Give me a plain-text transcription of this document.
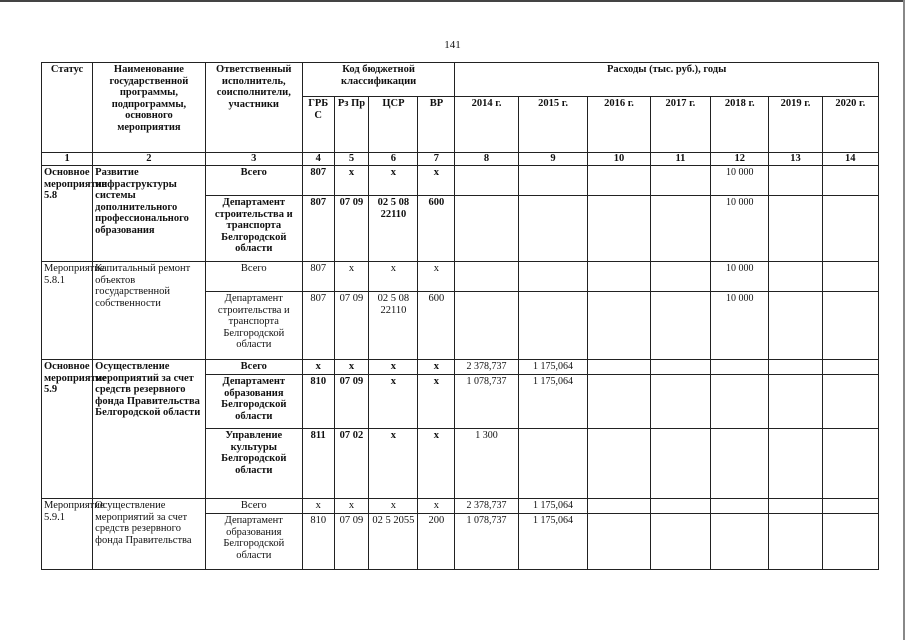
141
Статус	Наименование государственной программы, подпрограммы, основного мероприятия	Ответственный исполнитель, соисполнители, участники	Код бюджетной классификации				Расходы (тыс. руб.), годы						
			ГРБ С	Рз Пр	ЦСР	ВР	2014 г.	2015 г.	2016 г.	2017 г.	2018 г.	2019 г.	2020 г.
1	2	3	4	5	6	7	8	9	10	11	12	13	14
Основное мероприятие 5.8	Развитие инфраструктуры системы дополнительного профессионального образования	Всего	807	х	х	х					10 000		
		Департамент строительства и транспорта Белгородской области	807	07 09	02 5 08 22110	600					10 000		
Мероприятие 5.8.1	Капитальный ремонт объектов государственной собственности	Всего	807	х	х	х					10 000		
		Департамент строительства и транспорта Белгородской области	807	07 09	02 5 08 22110	600					10 000		
Основное мероприятие 5.9	Осуществление мероприятий за счет средств резервного фонда Правительства Белгородской области	Всего	х	х	х	х	2 378,737	1 175,064					
		Департамент образования Белгородской области	810	07 09	х	х	1 078,737	1 175,064					
		Управление культуры Белгородской области	811	07 02	х	х	1 300						
Мероприятие 5.9.1	Осуществление мероприятий за счет средств резервного фонда Правительства	Всего	х	х	х	х	2 378,737	1 175,064					
		Департамент образования Белгородской области	810	07 09	02 5 2055	200	1 078,737	1 175,064					
